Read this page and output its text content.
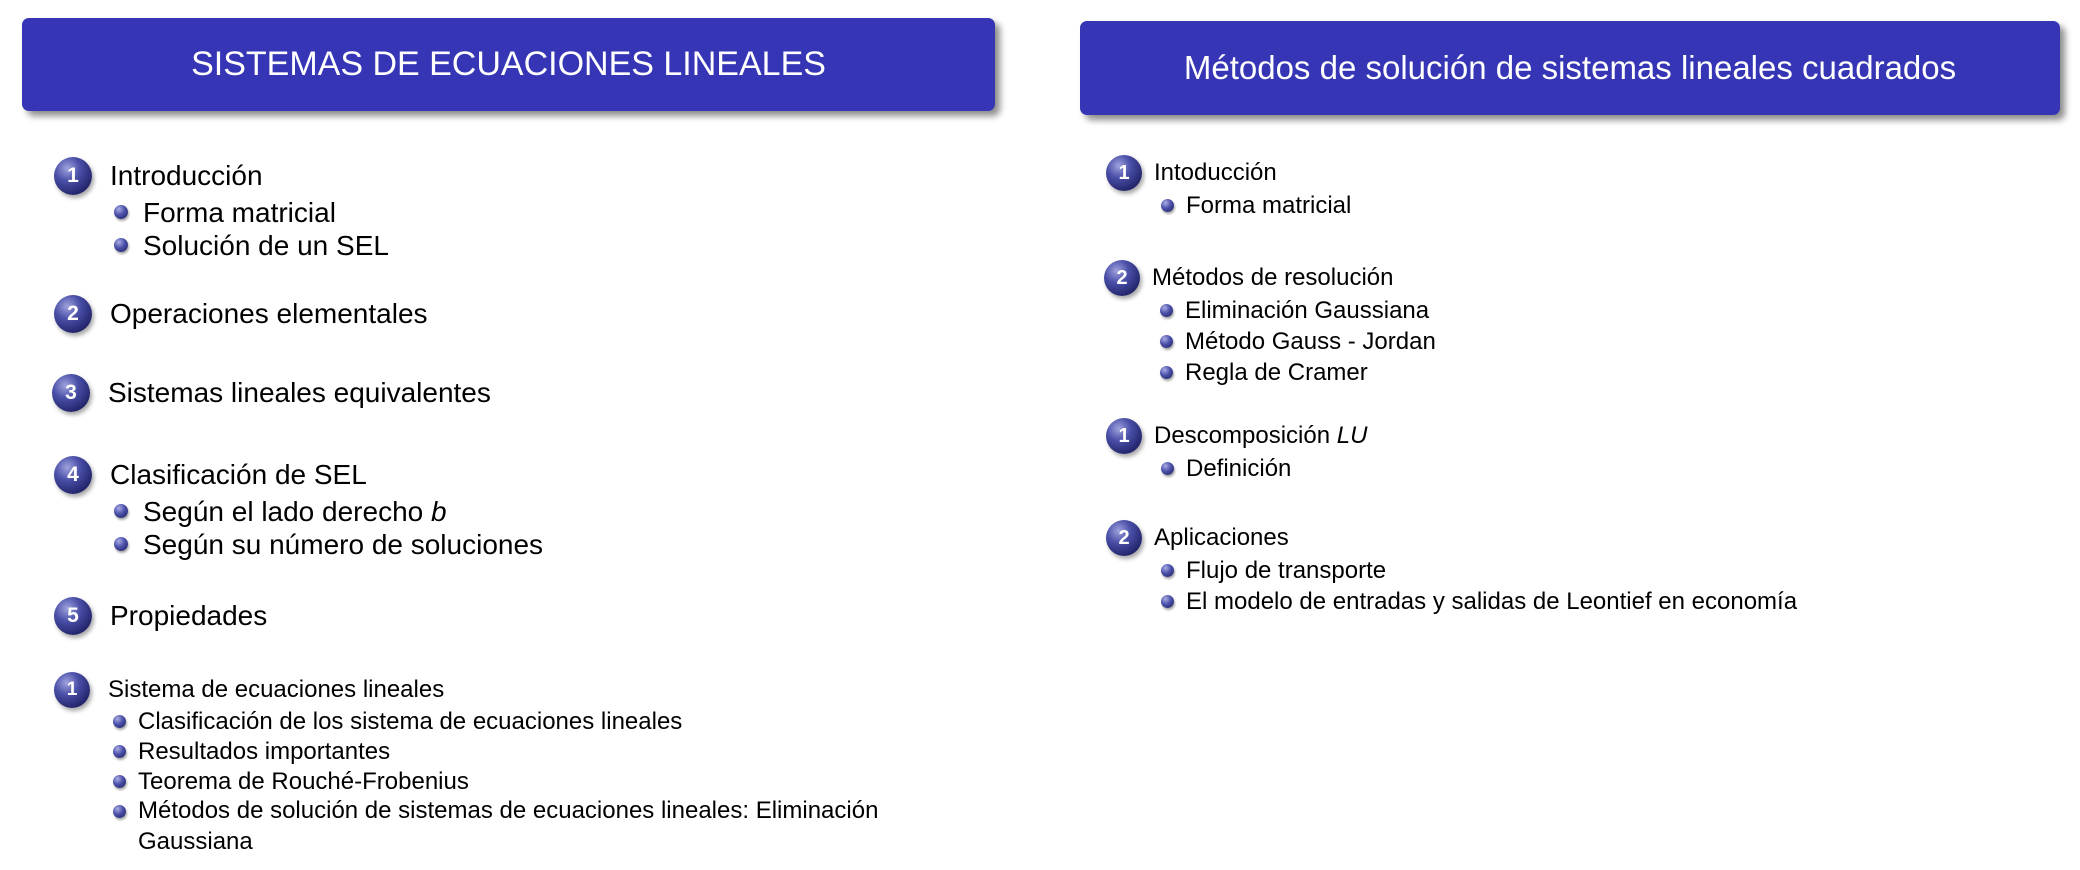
SISTEMAS DE ECUACIONES LINEALES
1	Introducción
Forma matricial
Solución de un SEL
2	Operaciones elementales
3	Sistemas lineales equivalentes
4	Clasificación de SEL
Según el lado derecho b
Según su número de soluciones
5	Propiedades
1	Sistema de ecuaciones lineales
Clasificación de los sistema de ecuaciones lineales
Resultados importantes
Teorema de Rouché-Frobenius
Métodos de solución de sistemas de ecuaciones lineales: Eliminación Gaussiana
Métodos de solución de sistemas lineales cuadrados
1	Intoducción
Forma matricial
2	Métodos de resolución
Eliminación Gaussiana
Método Gauss - Jordan
Regla de Cramer
1	Descomposición LU
Definición
2	Aplicaciones
Flujo de transporte
El modelo de entradas y salidas de Leontief en economía
